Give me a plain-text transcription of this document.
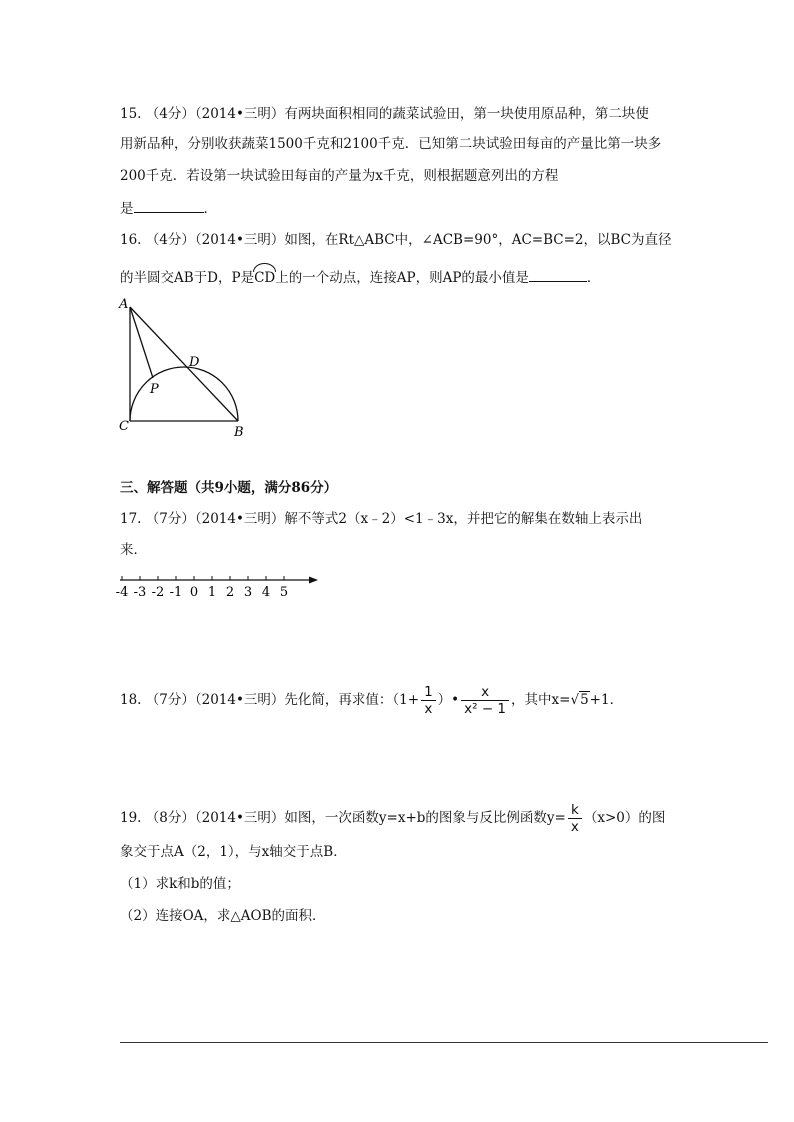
15. （4分）（2014•三明）有两块面积相同的蔬菜试验田，第一块使用原品种，第二块使
用新品种，分别收获蔬菜1500千克和2100千克．已知第二块试验田每亩的产量比第一块多
200千克．若设第一块试验田每亩的产量为x千克，则根据题意列出的方程
是	．
16. （4分）（2014•三明）如图，在Rt△ABC中，∠ACB=90°，AC=BC=2，以BC为直径
的半圆交AB于D，P是CD上的一个动点，连接AP，则AP的最小值是	．
A
C	B
D
P
三、解答题（共9小题，满分86分）
17. （7分）（2014•三明）解不等式2（x﹣2）<1﹣3x，并把它的解集在数轴上表示出
来．
-4 -3 -2 -1 0 1 2 3 4 5
18. （7分）（2014•三明）先化简，再求值：（$1+ \frac{1}{x}$ ）• $\frac{x}{\text{x² − 1}}$ ，其中x=√5+1．
19. （8分）（2014•三明）如图，一次函数y=x+b的图象与反比例函数$y= \frac{k}{x} (x>0)$的图
象交于点A（2，1），与x轴交于点B．
（1）求k和b的值；
（2）连接OA，求△AOB的面积．
